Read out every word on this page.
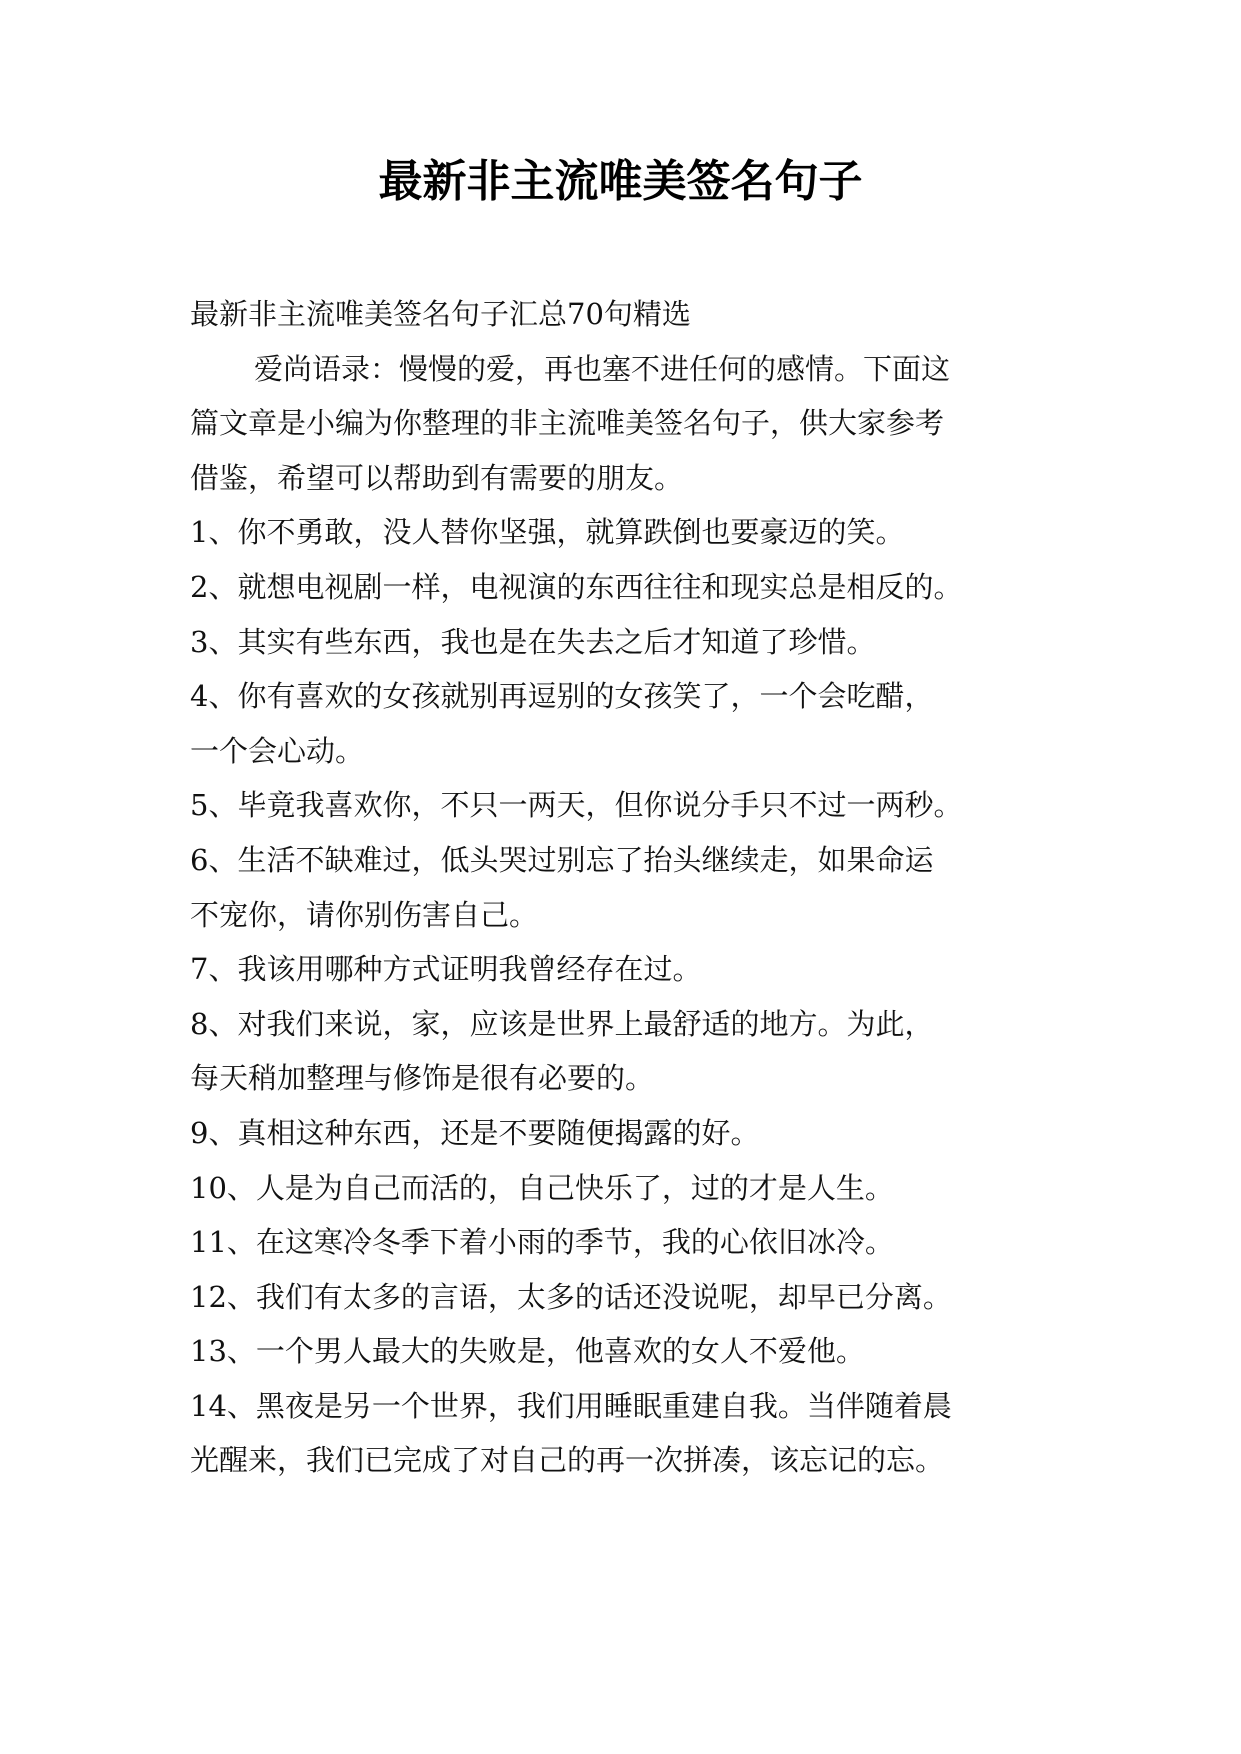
最新非主流唯美签名句子
最新非主流唯美签名句子汇总70句精选
爱尚语录：慢慢的爱，再也塞不进任何的感情。下面这
篇文章是小编为你整理的非主流唯美签名句子，供大家参考
借鉴，希望可以帮助到有需要的朋友。
1、你不勇敢，没人替你坚强，就算跌倒也要豪迈的笑。
2、就想电视剧一样，电视演的东西往往和现实总是相反的。
3、其实有些东西，我也是在失去之后才知道了珍惜。
4、你有喜欢的女孩就别再逗别的女孩笑了，一个会吃醋，
一个会心动。
5、毕竟我喜欢你，不只一两天，但你说分手只不过一两秒。
6、生活不缺难过，低头哭过别忘了抬头继续走，如果命运
不宠你，请你别伤害自己。
7、我该用哪种方式证明我曾经存在过。
8、对我们来说，家，应该是世界上最舒适的地方。为此，
每天稍加整理与修饰是很有必要的。
9、真相这种东西，还是不要随便揭露的好。
10、人是为自己而活的，自己快乐了，过的才是人生。
11、在这寒冷冬季下着小雨的季节，我的心依旧冰冷。
12、我们有太多的言语，太多的话还没说呢，却早已分离。
13、一个男人最大的失败是，他喜欢的女人不爱他。
14、黑夜是另一个世界，我们用睡眠重建自我。当伴随着晨
光醒来，我们已完成了对自己的再一次拼凑，该忘记的忘。
